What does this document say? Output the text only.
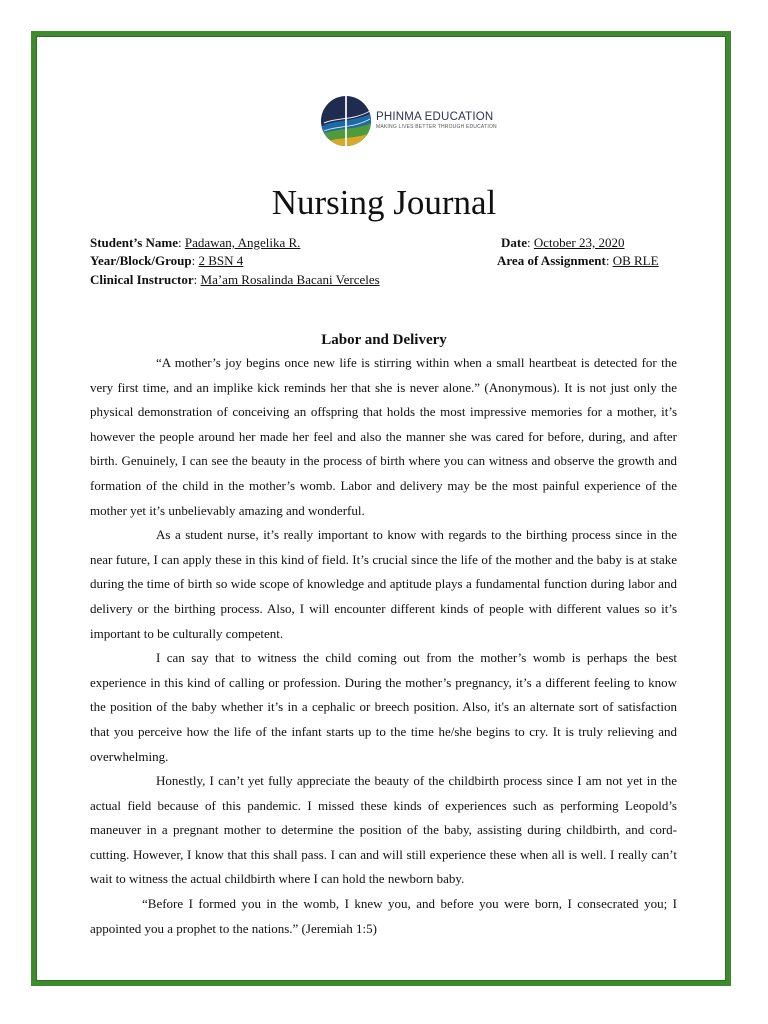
PHINMA EDUCATION
MAKING LIVES BETTER THROUGH EDUCATION
Nursing Journal
Student’s Name: Padawan, Angelika R.
Year/Block/Group: 2 BSN 4
Clinical Instructor: Ma’am Rosalinda Bacani Verceles
Date: October 23, 2020
Area of Assignment: OB RLE
Labor and Delivery

“A mother’s joy begins once new life is stirring within when a small heartbeat is detected for the very first time, and an implike kick reminds her that she is never alone.” (Anonymous). It is not just only the physical demonstration of conceiving an offspring that holds the most impressive memories for a mother, it’s however the people around her made her feel and also the manner she was cared for before, during, and after birth. Genuinely, I can see the beauty in the process of birth where you can witness and observe the growth and formation of the child in the mother’s womb. Labor and delivery may be the most painful experience of the mother yet it’s unbelievably amazing and wonderful.

As a student nurse, it’s really important to know with regards to the birthing process since in the near future, I can apply these in this kind of field. It’s crucial since the life of the mother and the baby is at stake during the time of birth so wide scope of knowledge and aptitude plays a fundamental function during labor and delivery or the birthing process. Also, I will encounter different kinds of people with different values so it’s important to be culturally competent.

I can say that to witness the child coming out from the mother’s womb is perhaps the best experience in this kind of calling or profession. During the mother’s pregnancy, it’s a different feeling to know the position of the baby whether it’s in a cephalic or breech position. Also, it's an alternate sort of satisfaction that you perceive how the life of the infant starts up to the time he/she begins to cry. It is truly relieving and overwhelming.

Honestly, I can’t yet fully appreciate the beauty of the childbirth process since I am not yet in the actual field because of this pandemic. I missed these kinds of experiences such as performing Leopold’s maneuver in a pregnant mother to determine the position of the baby, assisting during childbirth, and cord-cutting. However, I know that this shall pass. I can and will still experience these when all is well. I really can’t wait to witness the actual childbirth where I can hold the newborn baby.

“Before I formed you in the womb, I knew you, and before you were born, I consecrated you; I appointed you a prophet to the nations.” (Jeremiah 1:5)
